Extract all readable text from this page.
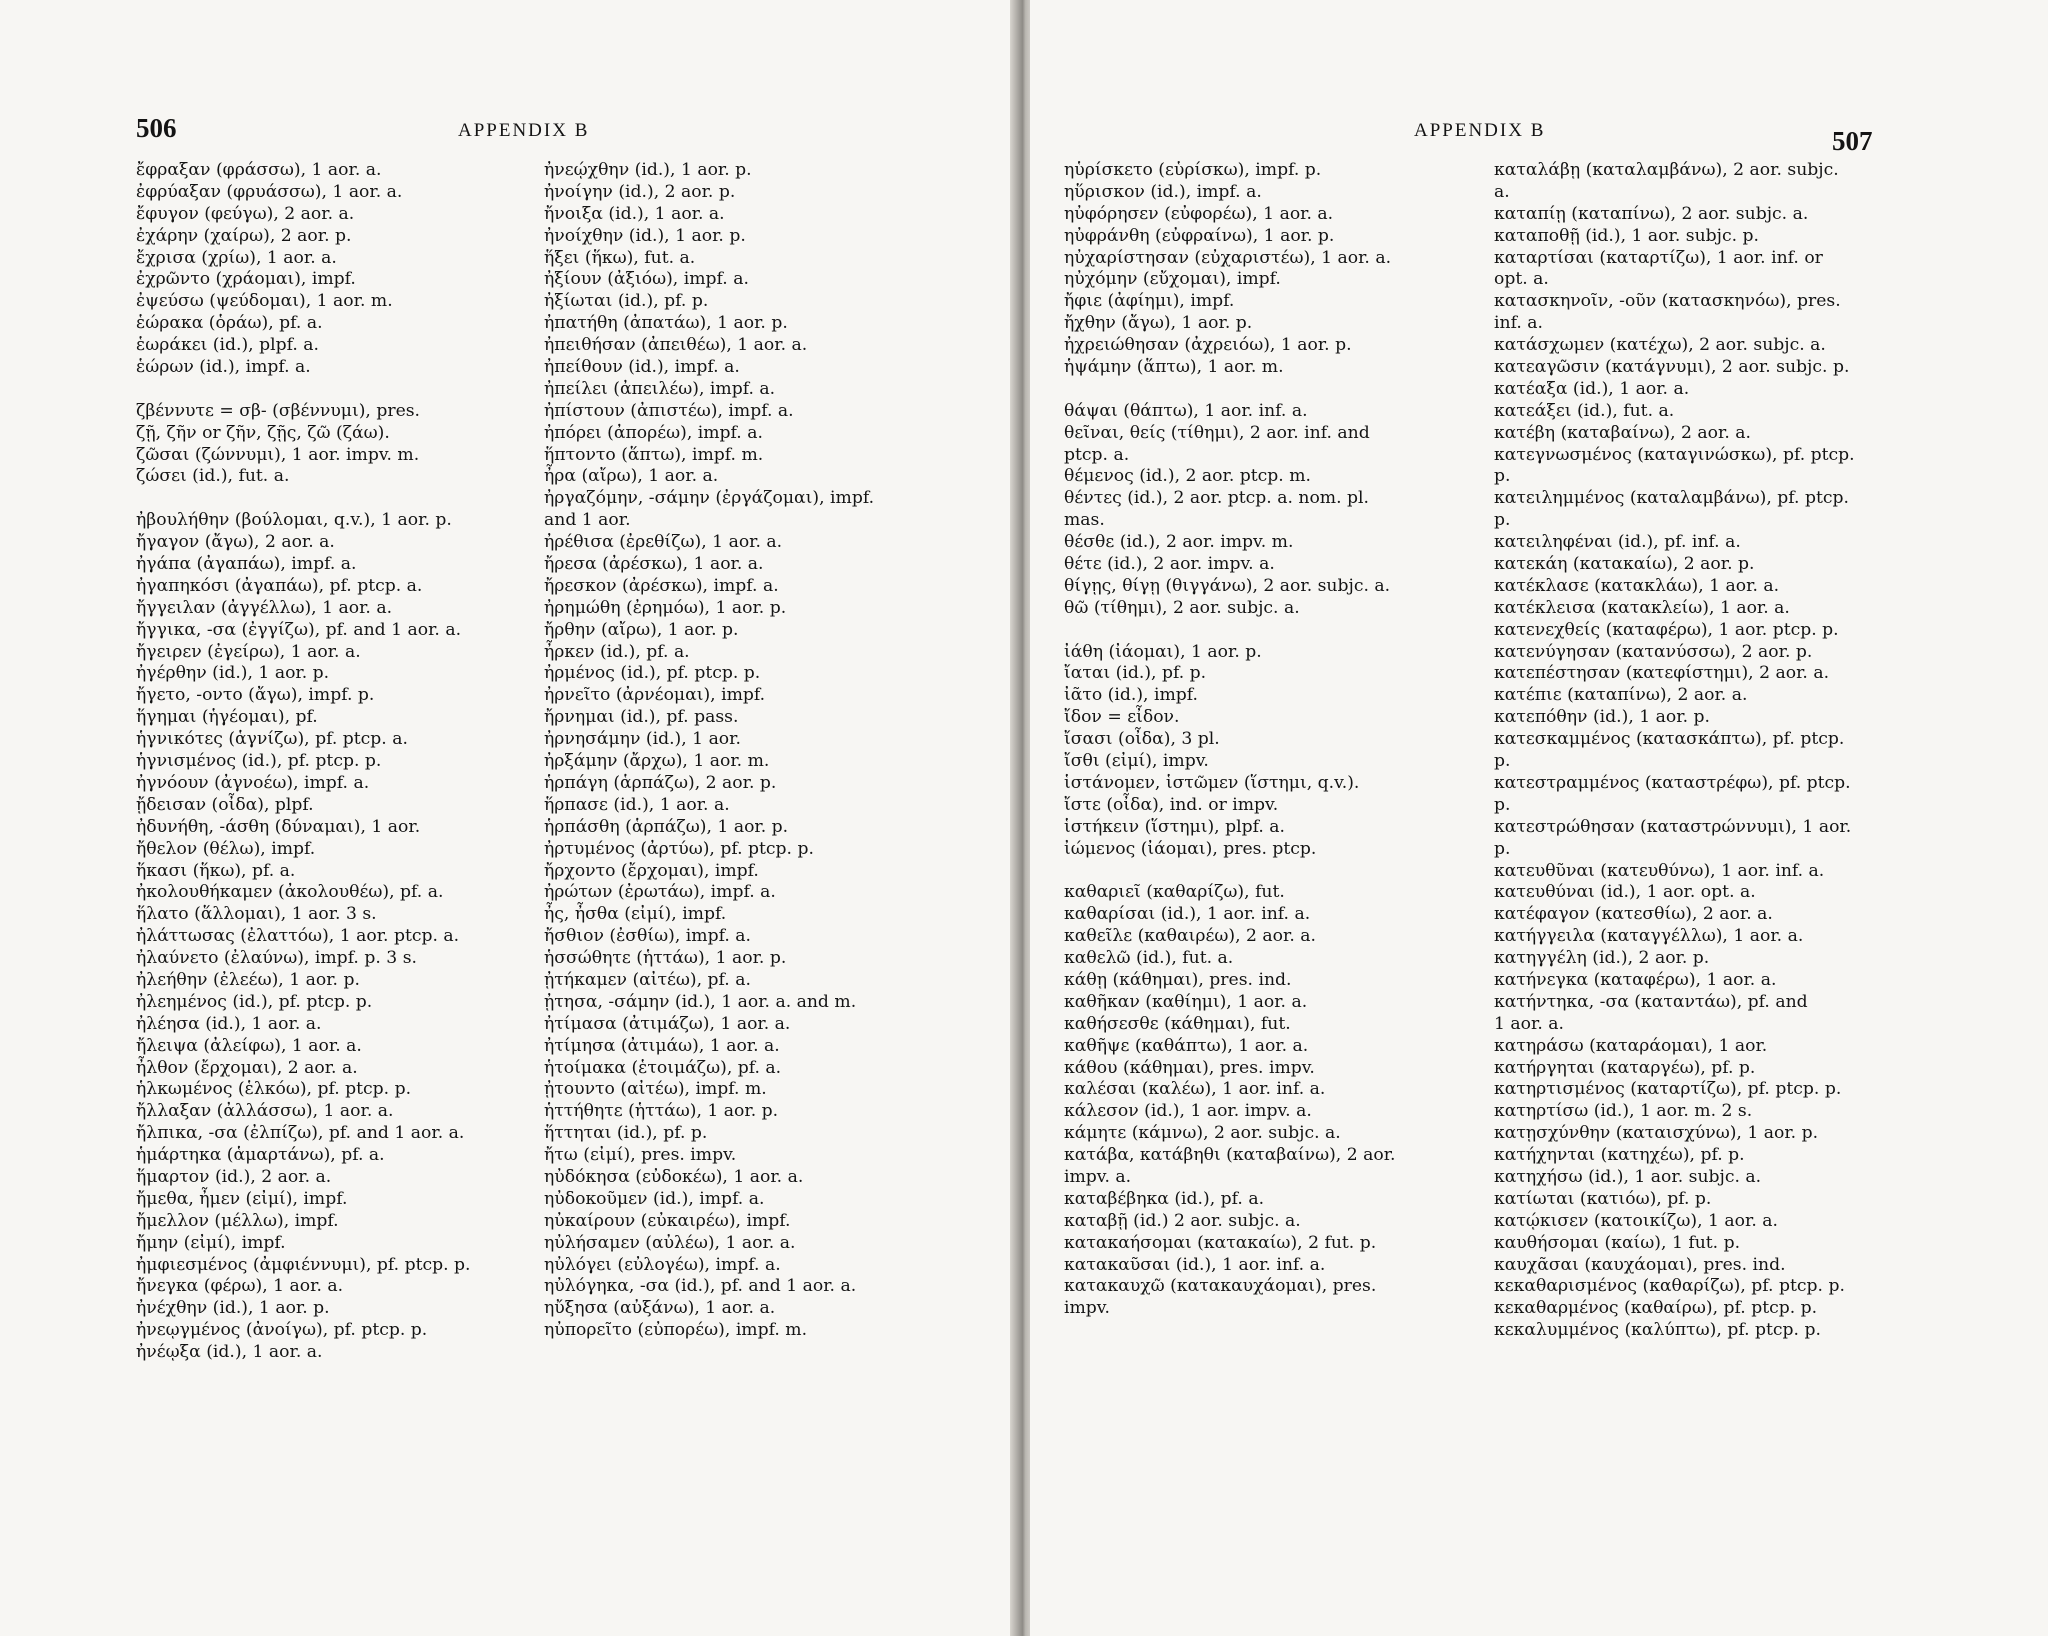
506	APPENDIX B
ἔφραξαν (φράσσω), 1 aor. a.
ἐφρύαξαν (φρυάσσω), 1 aor. a.
ἔφυγον (φεύγω), 2 aor. a.
ἐχάρην (χαίρω), 2 aor. p.
ἔχρισα (χρίω), 1 aor. a.
ἐχρῶντο (χράομαι), impf.
ἐψεύσω (ψεύδομαι), 1 aor. m.
ἑώρακα (ὁράω), pf. a.
ἑωράκει (id.), plpf. a.
ἑώρων (id.), impf. a.
ζβέννυτε = σβ- (σβέννυμι), pres.
ζῇ, ζῆν or ζῆν, ζῇς, ζῶ (ζάω).
ζῶσαι (ζώννυμι), 1 aor. impv. m.
ζώσει (id.), fut. a.
ἠβουλήθην (βούλομαι, q.v.), 1 aor. p.
ἤγαγον (ἄγω), 2 aor. a.
ἠγάπα (ἀγαπάω), impf. a.
ἠγαπηκόσι (ἀγαπάω), pf. ptcp. a.
ἤγγειλαν (ἀγγέλλω), 1 aor. a.
ἤγγικα, -σα (ἐγγίζω), pf. and 1 aor. a.
ἤγειρεν (ἐγείρω), 1 aor. a.
ἠγέρθην (id.), 1 aor. p.
ἤγετο, -οντο (ἄγω), impf. p.
ἥγημαι (ἡγέομαι), pf.
ἡγνικότες (ἁγνίζω), pf. ptcp. a.
ἡγνισμένος (id.), pf. ptcp. p.
ἠγνόουν (ἀγνοέω), impf. a.
ᾔδεισαν (οἶδα), plpf.
ἠδυνήθη, -άσθη (δύναμαι), 1 aor.
ἤθελον (θέλω), impf.
ἥκασι (ἥκω), pf. a.
ἠκολουθήκαμεν (ἀκολουθέω), pf. a.
ἥλατο (ἅλλομαι), 1 aor. 3 s.
ἠλάττωσας (ἐλαττόω), 1 aor. ptcp. a.
ἠλαύνετο (ἐλαύνω), impf. p. 3 s.
ἠλεήθην (ἐλεέω), 1 aor. p.
ἠλεημένος (id.), pf. ptcp. p.
ἠλέησα (id.), 1 aor. a.
ἤλειψα (ἀλείφω), 1 aor. a.
ἦλθον (ἔρχομαι), 2 aor. a.
ἡλκωμένος (ἑλκόω), pf. ptcp. p.
ἤλλαξαν (ἀλλάσσω), 1 aor. a.
ἤλπικα, -σα (ἐλπίζω), pf. and 1 aor. a.
ἡμάρτηκα (ἁμαρτάνω), pf. a.
ἥμαρτον (id.), 2 aor. a.
ἤμεθα, ἦμεν (εἰμί), impf.
ἤμελλον (μέλλω), impf.
ἤμην (εἰμί), impf.
ἠμφιεσμένος (ἀμφιέννυμι), pf. ptcp. p.
ἤνεγκα (φέρω), 1 aor. a.
ἠνέχθην (id.), 1 aor. p.
ἠνεῳγμένος (ἀνοίγω), pf. ptcp. p.
ἠνέῳξα (id.), 1 aor. a.
ἠνεῴχθην (id.), 1 aor. p.
ἠνοίγην (id.), 2 aor. p.
ἤνοιξα (id.), 1 aor. a.
ἠνοίχθην (id.), 1 aor. p.
ἥξει (ἥκω), fut. a.
ἠξίουν (ἀξιόω), impf. a.
ἠξίωται (id.), pf. p.
ἠπατήθη (ἀπατάω), 1 aor. p.
ἠπειθήσαν (ἀπειθέω), 1 aor. a.
ἠπείθουν (id.), impf. a.
ἠπείλει (ἀπειλέω), impf. a.
ἠπίστουν (ἀπιστέω), impf. a.
ἠπόρει (ἀπορέω), impf. a.
ἥπτοντο (ἅπτω), impf. m.
ἦρα (αἴρω), 1 aor. a.
ἠργαζόμην, -σάμην (ἐργάζομαι), impf.
and 1 aor.
ἠρέθισα (ἐρεθίζω), 1 aor. a.
ἤρεσα (ἀρέσκω), 1 aor. a.
ἤρεσκον (ἀρέσκω), impf. a.
ἠρημώθη (ἐρημόω), 1 aor. p.
ἤρθην (αἴρω), 1 aor. p.
ἦρκεν (id.), pf. a.
ἠρμένος (id.), pf. ptcp. p.
ἠρνεῖτο (ἀρνέομαι), impf.
ἤρνημαι (id.), pf. pass.
ἠρνησάμην (id.), 1 aor.
ἠρξάμην (ἄρχω), 1 aor. m.
ἡρπάγη (ἁρπάζω), 2 aor. p.
ἥρπασε (id.), 1 aor. a.
ἡρπάσθη (ἁρπάζω), 1 aor. p.
ἠρτυμένος (ἀρτύω), pf. ptcp. p.
ἤρχοντο (ἔρχομαι), impf.
ἠρώτων (ἐρωτάω), impf. a.
ἦς, ἦσθα (εἰμί), impf.
ἤσθιον (ἐσθίω), impf. a.
ἡσσώθητε (ἡττάω), 1 aor. p.
ᾐτήκαμεν (αἰτέω), pf. a.
ᾐτησα, -σάμην (id.), 1 aor. a. and m.
ἠτίμασα (ἀτιμάζω), 1 aor. a.
ἠτίμησα (ἀτιμάω), 1 aor. a.
ἡτοίμακα (ἑτοιμάζω), pf. a.
ᾐτουντο (αἰτέω), impf. m.
ἡττήθητε (ἡττάω), 1 aor. p.
ἥττηται (id.), pf. p.
ἤτω (εἰμί), pres. impv.
ηὐδόκησα (εὐδοκέω), 1 aor. a.
ηὐδοκοῦμεν (id.), impf. a.
ηὐκαίρουν (εὐκαιρέω), impf.
ηὐλήσαμεν (αὐλέω), 1 aor. a.
ηὐλόγει (εὐλογέω), impf. a.
ηὐλόγηκα, -σα (id.), pf. and 1 aor. a.
ηὔξησα (αὐξάνω), 1 aor. a.
ηὐπορεῖτο (εὐπορέω), impf. m.
APPENDIX B	507
ηὑρίσκετο (εὑρίσκω), impf. p.
ηὕρισκον (id.), impf. a.
ηὐφόρησεν (εὐφορέω), 1 aor. a.
ηὐφράνθη (εὐφραίνω), 1 aor. p.
ηὐχαρίστησαν (εὐχαριστέω), 1 aor. a.
ηὐχόμην (εὔχομαι), impf.
ἤφιε (ἀφίημι), impf.
ἤχθην (ἄγω), 1 aor. p.
ἠχρειώθησαν (ἀχρειόω), 1 aor. p.
ἡψάμην (ἅπτω), 1 aor. m.
θάψαι (θάπτω), 1 aor. inf. a.
θεῖναι, θείς (τίθημι), 2 aor. inf. and
ptcp. a.
θέμενος (id.), 2 aor. ptcp. m.
θέντες (id.), 2 aor. ptcp. a. nom. pl.
mas.
θέσθε (id.), 2 aor. impv. m.
θέτε (id.), 2 aor. impv. a.
θίγῃς, θίγῃ (θιγγάνω), 2 aor. subjc. a.
θῶ (τίθημι), 2 aor. subjc. a.
ἰάθη (ἰάομαι), 1 aor. p.
ἴαται (id.), pf. p.
ἰᾶτο (id.), impf.
ἴδον = εἶδον.
ἴσασι (οἶδα), 3 pl.
ἴσθι (εἰμί), impv.
ἱστάνομεν, ἱστῶμεν (ἵστημι, q.v.).
ἴστε (οἶδα), ind. or impv.
ἱστήκειν (ἵστημι), plpf. a.
ἰώμενος (ἰάομαι), pres. ptcp.
καθαριεῖ (καθαρίζω), fut.
καθαρίσαι (id.), 1 aor. inf. a.
καθεῖλε (καθαιρέω), 2 aor. a.
καθελῶ (id.), fut. a.
κάθῃ (κάθημαι), pres. ind.
καθῆκαν (καθίημι), 1 aor. a.
καθήσεσθε (κάθημαι), fut.
καθῆψε (καθάπτω), 1 aor. a.
κάθου (κάθημαι), pres. impv.
καλέσαι (καλέω), 1 aor. inf. a.
κάλεσον (id.), 1 aor. impv. a.
κάμητε (κάμνω), 2 aor. subjc. a.
κατάβα, κατάβηθι (καταβαίνω), 2 aor.
impv. a.
καταβέβηκα (id.), pf. a.
καταβῇ (id.) 2 aor. subjc. a.
κατακαήσομαι (κατακαίω), 2 fut. p.
κατακαῦσαι (id.), 1 aor. inf. a.
κατακαυχῶ (κατακαυχάομαι), pres.
impv.
καταλάβῃ (καταλαμβάνω), 2 aor. subjc.
a.
καταπίῃ (καταπίνω), 2 aor. subjc. a.
καταποθῇ (id.), 1 aor. subjc. p.
καταρτίσαι (καταρτίζω), 1 aor. inf. or
opt. a.
κατασκηνοῖν, -οῦν (κατασκηνόω), pres.
inf. a.
κατάσχωμεν (κατέχω), 2 aor. subjc. a.
κατεαγῶσιν (κατάγνυμι), 2 aor. subjc. p.
κατέαξα (id.), 1 aor. a.
κατεάξει (id.), fut. a.
κατέβη (καταβαίνω), 2 aor. a.
κατεγνωσμένος (καταγινώσκω), pf. ptcp.
p.
κατειλημμένος (καταλαμβάνω), pf. ptcp.
p.
κατειληφέναι (id.), pf. inf. a.
κατεκάη (κατακαίω), 2 aor. p.
κατέκλασε (κατακλάω), 1 aor. a.
κατέκλεισα (κατακλείω), 1 aor. a.
κατενεχθείς (καταφέρω), 1 aor. ptcp. p.
κατενύγησαν (κατανύσσω), 2 aor. p.
κατεπέστησαν (κατεφίστημι), 2 aor. a.
κατέπιε (καταπίνω), 2 aor. a.
κατεπόθην (id.), 1 aor. p.
κατεσκαμμένος (κατασκάπτω), pf. ptcp.
p.
κατεστραμμένος (καταστρέφω), pf. ptcp.
p.
κατεστρώθησαν (καταστρώννυμι), 1 aor.
p.
κατευθῦναι (κατευθύνω), 1 aor. inf. a.
κατευθύναι (id.), 1 aor. opt. a.
κατέφαγον (κατεσθίω), 2 aor. a.
κατήγγειλα (καταγγέλλω), 1 aor. a.
κατηγγέλη (id.), 2 aor. p.
κατήνεγκα (καταφέρω), 1 aor. a.
κατήντηκα, -σα (καταντάω), pf. and
1 aor. a.
κατηράσω (καταράομαι), 1 aor.
κατήργηται (καταργέω), pf. p.
κατηρτισμένος (καταρτίζω), pf. ptcp. p.
κατηρτίσω (id.), 1 aor. m. 2 s.
κατῃσχύνθην (καταισχύνω), 1 aor. p.
κατήχηνται (κατηχέω), pf. p.
κατηχήσω (id.), 1 aor. subjc. a.
κατίωται (κατιόω), pf. p.
κατῴκισεν (κατοικίζω), 1 aor. a.
καυθήσομαι (καίω), 1 fut. p.
καυχᾶσαι (καυχάομαι), pres. ind.
κεκαθαρισμένος (καθαρίζω), pf. ptcp. p.
κεκαθαρμένος (καθαίρω), pf. ptcp. p.
κεκαλυμμένος (καλύπτω), pf. ptcp. p.
